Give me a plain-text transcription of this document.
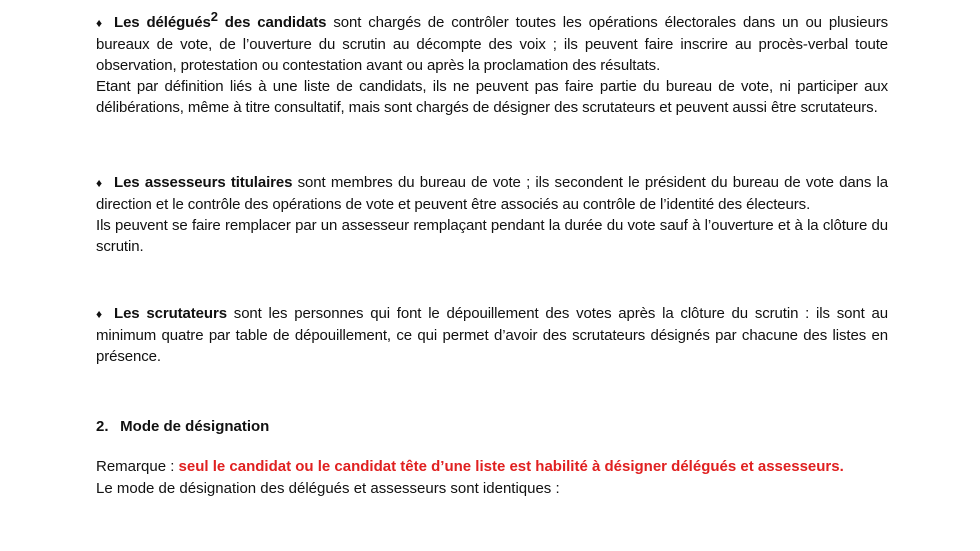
♦ Les délégués$^2$ des candidats sont chargés de contrôler toutes les opérations électorales dans un ou plusieurs bureaux de vote, de l’ouverture du scrutin au décompte des voix ; ils peuvent faire inscrire au procès-verbal toute observation, protestation ou contestation avant ou après la proclamation des résultats.
Etant par définition liés à une liste de candidats, ils ne peuvent pas faire partie du bureau de vote, ni participer aux délibérations, même à titre consultatif, mais sont chargés de désigner des scrutateurs et peuvent aussi être scrutateurs.
♦ Les assesseurs titulaires sont membres du bureau de vote ; ils secondent le président du bureau de vote dans la direction et le contrôle des opérations de vote et peuvent être associés au contrôle de l’identité des électeurs.
Ils peuvent se faire remplacer par un assesseur remplaçant pendant la durée du vote sauf à l’ouverture et à la clôture du scrutin.
♦ Les scrutateurs sont les personnes qui font le dépouillement des votes après la clôture du scrutin : ils sont au minimum quatre par table de dépouillement, ce qui permet d’avoir des scrutateurs désignés par chacune des listes en présence.
2. Mode de désignation
Remarque : seul le candidat ou le candidat tête d’une liste est habilité à désigner délégués et assesseurs.
Le mode de désignation des délégués et assesseurs sont identiques :
